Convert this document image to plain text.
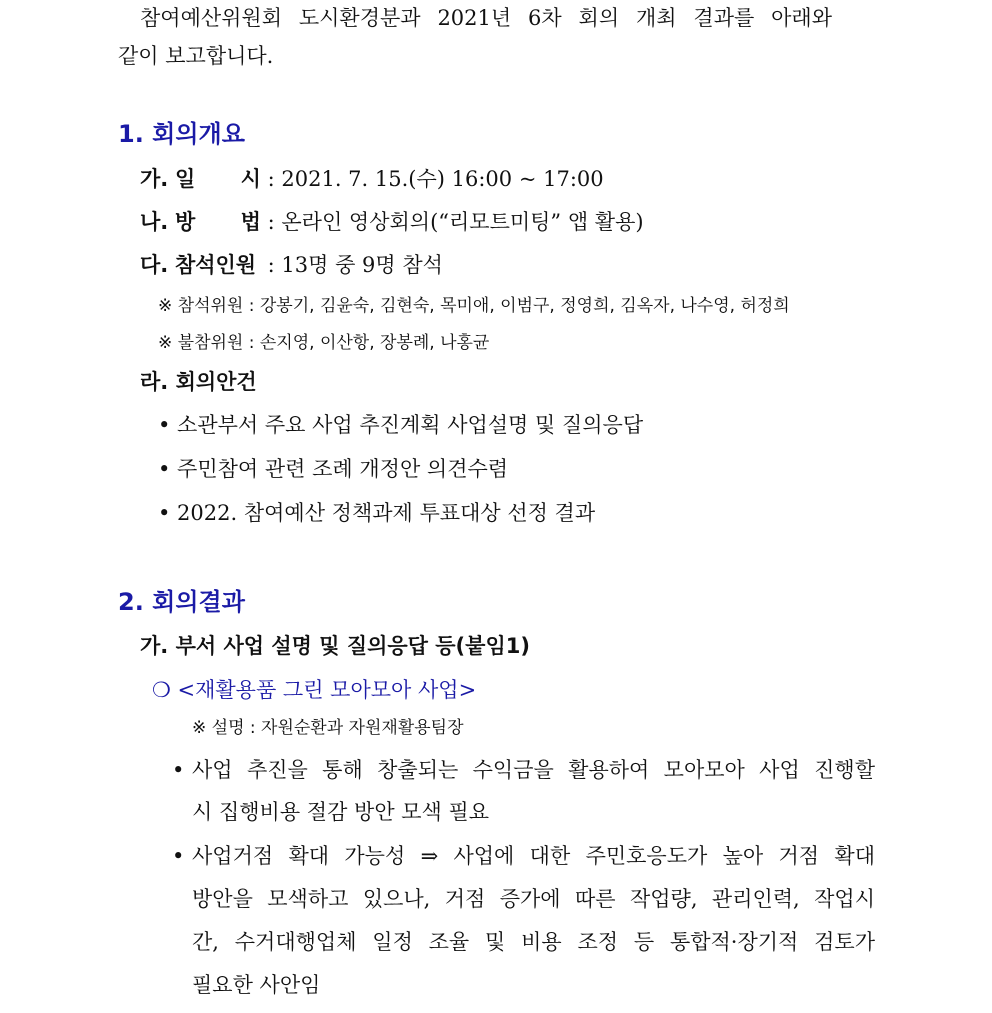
참여예산위원회 도시환경분과 2021년 6차 회의 개최 결과를 아래와
같이 보고합니다.
1. 회의개요
가. 일 시 : 2021. 7. 15.(수) 16:00 ~ 17:00
나. 방 법 : 온라인 영상회의(“리모트미팅” 앱 활용)
다. 참석인원 : 13명 중 9명 참석
※ 참석위원 : 강봉기, 김윤숙, 김현숙, 목미애, 이범구, 정영희, 김옥자, 나수영, 허정희
※ 불참위원 : 손지영, 이산항, 장봉례, 나홍균
라. 회의안건
• 소관부서 주요 사업 추진계획 사업설명 및 질의응답
• 주민참여 관련 조례 개정안 의견수렴
• 2022. 참여예산 정책과제 투표대상 선정 결과
2. 회의결과
가. 부서 사업 설명 및 질의응답 등(붙임1)
❍ <재활용품 그린 모아모아 사업>
※ 설명 : 자원순환과 자원재활용팀장
• 사업 추진을 통해 창출되는 수익금을 활용하여 모아모아 사업 진행할
시 집행비용 절감 방안 모색 필요
• 사업거점 확대 가능성 ⇒ 사업에 대한 주민호응도가 높아 거점 확대
방안을 모색하고 있으나, 거점 증가에 따른 작업량, 관리인력, 작업시
간, 수거대행업체 일정 조율 및 비용 조정 등 통합적·장기적 검토가
필요한 사안임
